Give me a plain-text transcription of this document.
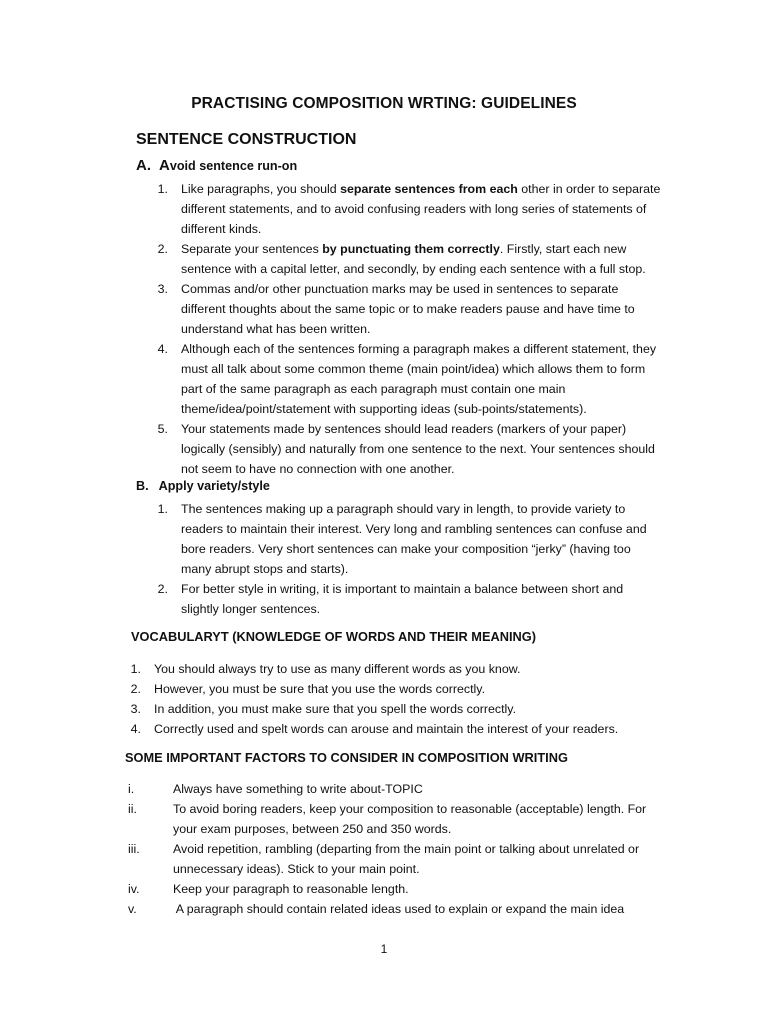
PRACTISING COMPOSITION WRTING: GUIDELINES
SENTENCE CONSTRUCTION
A. Avoid sentence run-on
1. Like paragraphs, you should separate sentences from each other in order to separate
different statements, and to avoid confusing readers with long series of statements of
different kinds.
2. Separate your sentences by punctuating them correctly. Firstly, start each new
sentence with a capital letter, and secondly, by ending each sentence with a full stop.
3. Commas and/or other punctuation marks may be used in sentences to separate
different thoughts about the same topic or to make readers pause and have time to
understand what has been written.
4. Although each of the sentences forming a paragraph makes a different statement, they
must all talk about some common theme (main point/idea) which allows them to form
part of the same paragraph as each paragraph must contain one main
theme/idea/point/statement with supporting ideas (sub-points/statements).
5. Your statements made by sentences should lead readers (markers of your paper)
logically (sensibly) and naturally from one sentence to the next. Your sentences should
not seem to have no connection with one another.
B. Apply variety/style
1. The sentences making up a paragraph should vary in length, to provide variety to
readers to maintain their interest. Very long and rambling sentences can confuse and
bore readers. Very short sentences can make your composition “jerky” (having too
many abrupt stops and starts).
2. For better style in writing, it is important to maintain a balance between short and
slightly longer sentences.
VOCABULARYT (KNOWLEDGE OF WORDS AND THEIR MEANING)
1. You should always try to use as many different words as you know.
2. However, you must be sure that you use the words correctly.
3. In addition, you must make sure that you spell the words correctly.
4. Correctly used and spelt words can arouse and maintain the interest of your readers.
SOME IMPORTANT FACTORS TO CONSIDER IN COMPOSITION WRITING
i.	Always have something to write about-TOPIC
ii.	To avoid boring readers, keep your composition to reasonable (acceptable) length. For
your exam purposes, between 250 and 350 words.
iii.	Avoid repetition, rambling (departing from the main point or talking about unrelated or
unnecessary ideas). Stick to your main point.
iv.	Keep your paragraph to reasonable length.
v.	A paragraph should contain related ideas used to explain or expand the main idea
1
